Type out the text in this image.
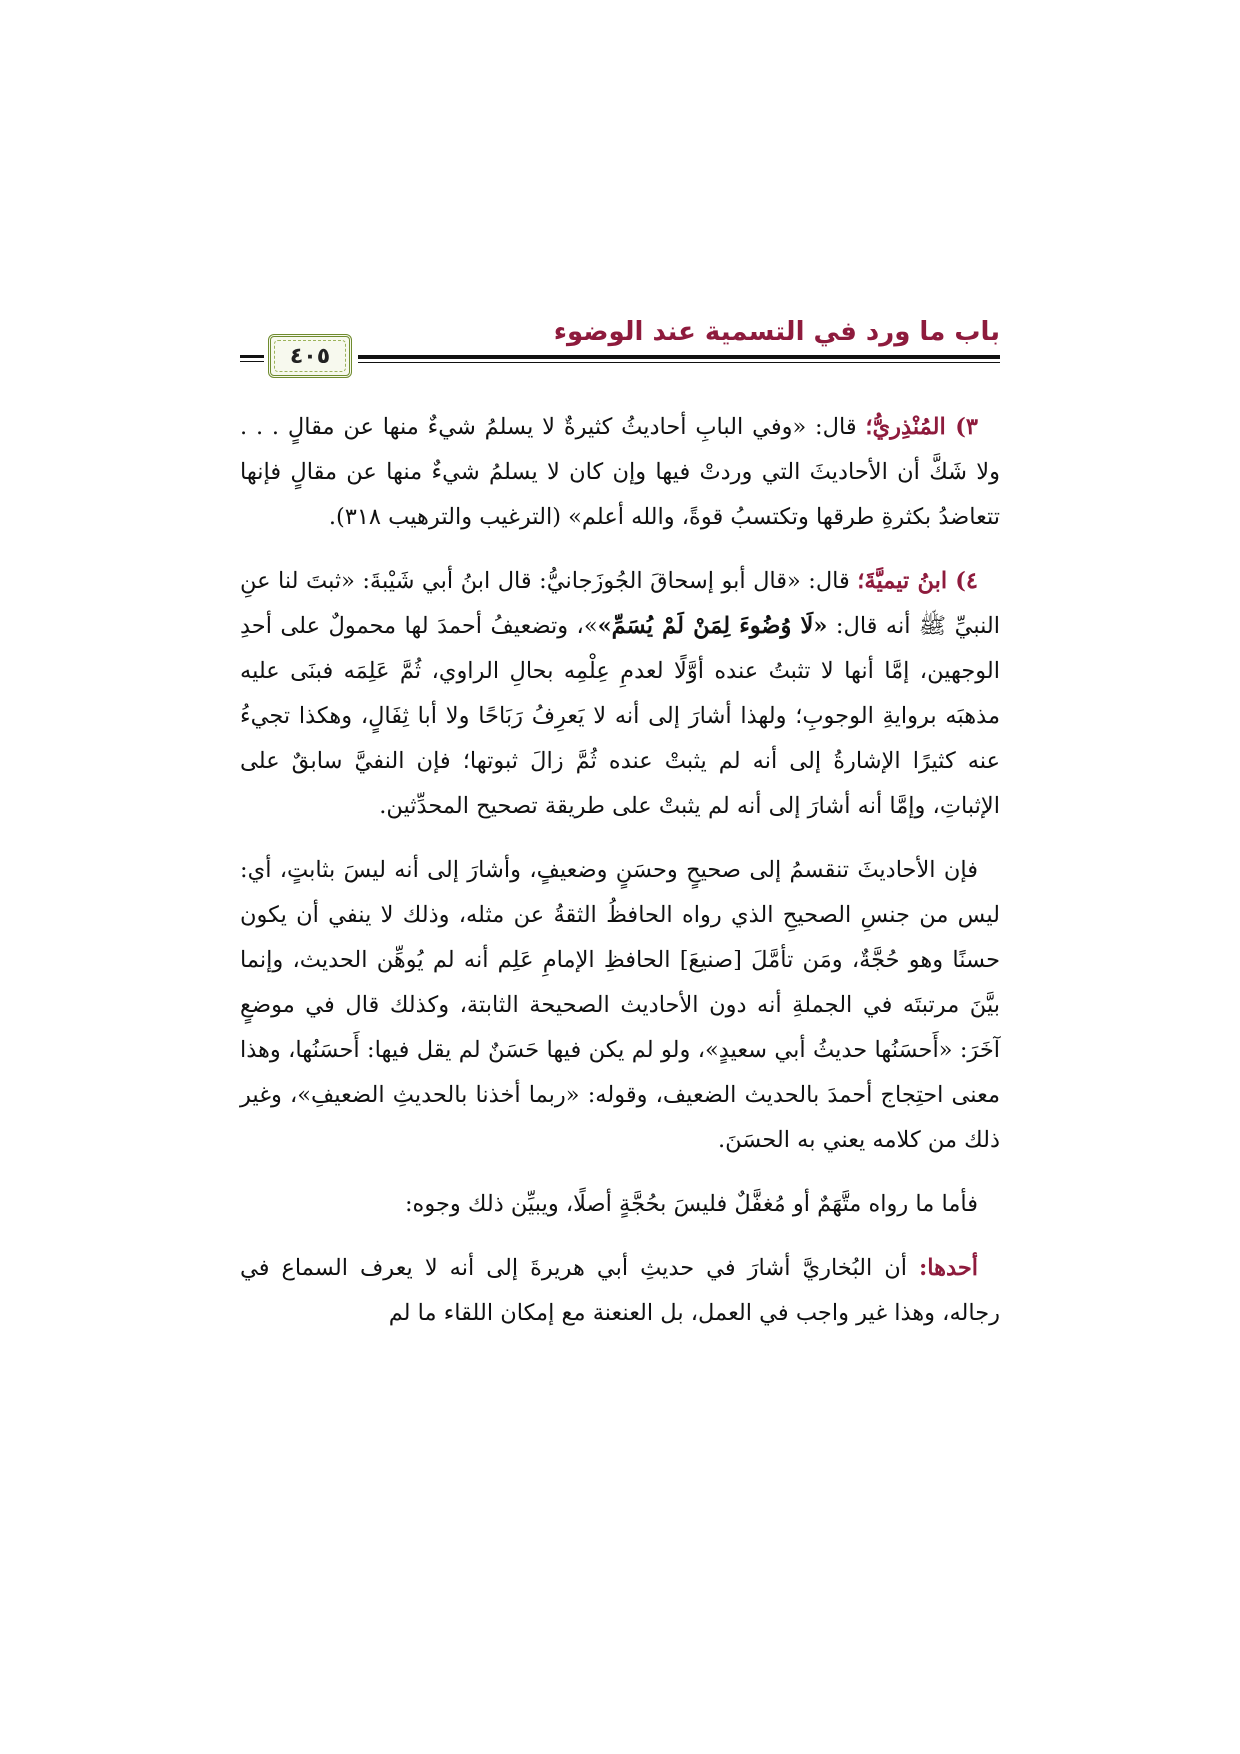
باب ما ورد في التسمية عند الوضوء
٤٠٥

٣) المُنْذِريُّ؛ قال: «وفي البابِ أحاديثُ كثيرةٌ لا يسلمُ شيءٌ منها عن مقالٍ . . . ولا شَكَّ أن الأحاديثَ التي وردتْ فيها وإن كان لا يسلمُ شيءٌ منها عن مقالٍ فإنها تتعاضدُ بكثرةِ طرقها وتكتسبُ قوةً، والله أعلم» (الترغيب والترهيب ٣١٨).

٤) ابنُ تيميَّةَ؛ قال: «قال أبو إسحاقَ الجُوزَجانيُّ: قال ابنُ أبي شَيْبةَ: «ثبتَ لنا عنِ النبيِّ ﷺ أنه قال: «لَا وُضُوءَ لِمَنْ لَمْ يُسَمِّ»»، وتضعيفُ أحمدَ لها محمولٌ على أحدِ الوجهين، إمَّا أنها لا تثبتُ عنده أوَّلًا لعدمِ عِلْمِه بحالِ الراوي، ثُمَّ عَلِمَه فبنَى عليه مذهبَه بروايةِ الوجوبِ؛ ولهذا أشارَ إلى أنه لا يَعرِفُ رَبَاحًا ولا أبا ثِفَالٍ، وهكذا تجيءُ عنه كثيرًا الإشارةُ إلى أنه لم يثبتْ عنده ثُمَّ زالَ ثبوتها؛ فإن النفيَّ سابقٌ على الإثباتِ، وإمَّا أنه أشارَ إلى أنه لم يثبتْ على طريقة تصحيح المحدِّثين.

فإن الأحاديثَ تنقسمُ إلى صحيحٍ وحسَنٍ وضعيفٍ، وأشارَ إلى أنه ليسَ بثابتٍ، أي: ليس من جنسِ الصحيحِ الذي رواه الحافظُ الثقةُ عن مثله، وذلك لا ينفي أن يكون حسنًا وهو حُجَّةٌ، ومَن تأمَّلَ [صنيعَ] الحافظِ الإمامِ عَلِم أنه لم يُوهِّن الحديث، وإنما بيَّنَ مرتبتَه في الجملةِ أنه دون الأحاديث الصحيحة الثابتة، وكذلك قال في موضعٍ آخَرَ: «أَحسَنُها حديثُ أبي سعيدٍ»، ولو لم يكن فيها حَسَنٌ لم يقل فيها: أَحسَنُها، وهذا معنى احتِجاج أحمدَ بالحديث الضعيف، وقوله: «ربما أخذنا بالحديثِ الضعيفِ»، وغير ذلك من كلامه يعني به الحسَنَ.

فأما ما رواه متَّهَمٌ أو مُغفَّلٌ فليسَ بحُجَّةٍ أصلًا، ويبيِّن ذلك وجوه:

أحدها: أن البُخاريَّ أشارَ في حديثِ أبي هريرةَ إلى أنه لا يعرف السماع في رجاله، وهذا غير واجب في العمل، بل العنعنة مع إمكان اللقاء ما لم
